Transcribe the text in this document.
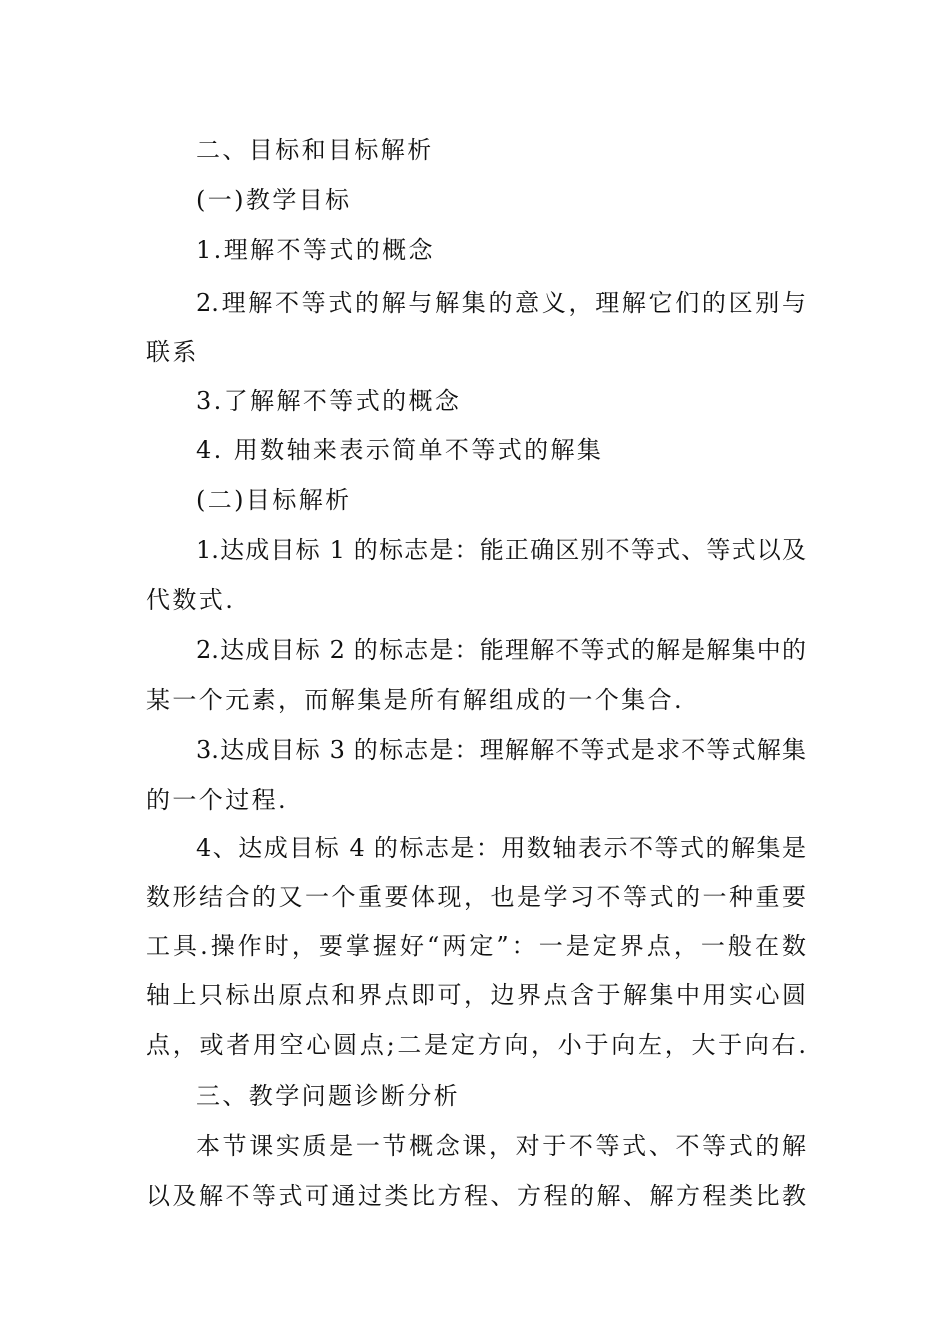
二、目标和目标解析
(一)教学目标
1.理解不等式的概念
2.理解不等式的解与解集的意义，理解它们的区别与
联系
3.了解解不等式的概念
4. 用数轴来表示简单不等式的解集
(二)目标解析
1.达成目标 1 的标志是：能正确区别不等式、等式以及
代数式.
2.达成目标 2 的标志是：能理解不等式的解是解集中的
某一个元素，而解集是所有解组成的一个集合.
3.达成目标 3 的标志是：理解解不等式是求不等式解集
的一个过程.
4、达成目标 4 的标志是：用数轴表示不等式的解集是
数形结合的又一个重要体现，也是学习不等式的一种重要
工具.操作时，要掌握好“两定”：一是定界点，一般在数
轴上只标出原点和界点即可，边界点含于解集中用实心圆
点，或者用空心圆点;二是定方向，小于向左，大于向右.
三、教学问题诊断分析
本节课实质是一节概念课，对于不等式、不等式的解
以及解不等式可通过类比方程、方程的解、解方程类比教
